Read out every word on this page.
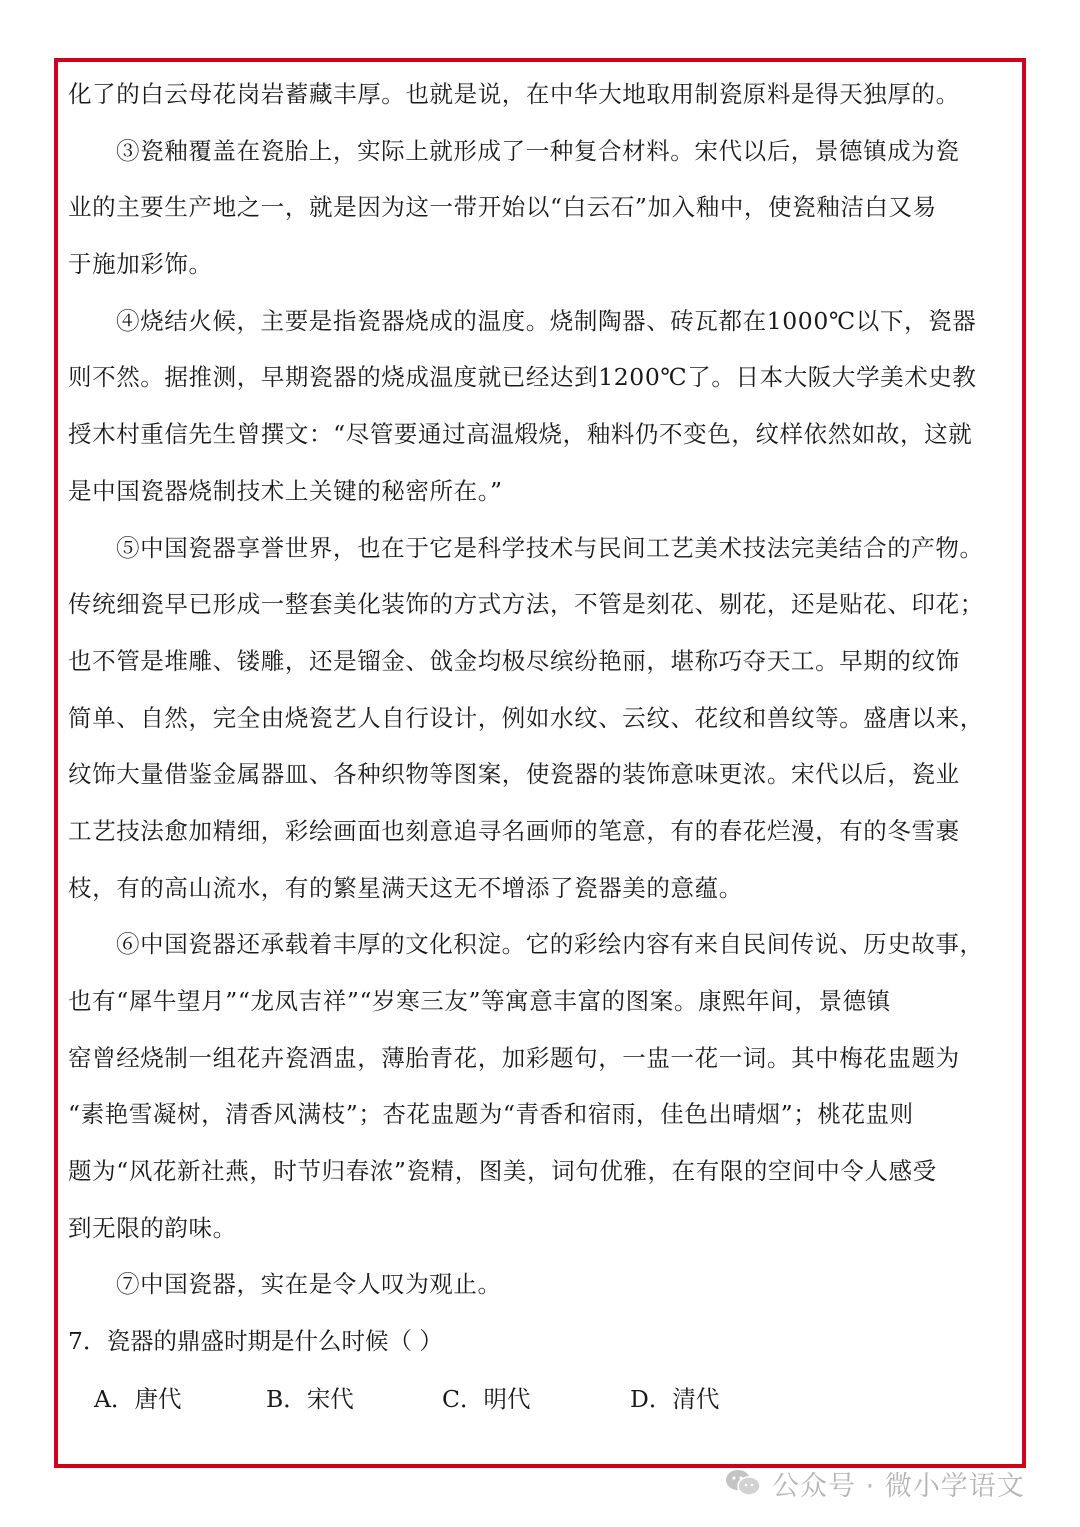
化了的白云母花岗岩蓄藏丰厚。也就是说，在中华大地取用制瓷原料是得天独厚的。
③瓷釉覆盖在瓷胎上，实际上就形成了一种复合材料。宋代以后，景德镇成为瓷
业的主要生产地之一，就是因为这一带开始以“白云石”加入釉中，使瓷釉洁白又易
于施加彩饰。
④烧结火候，主要是指瓷器烧成的温度。烧制陶器、砖瓦都在1000℃以下，瓷器
则不然。据推测，早期瓷器的烧成温度就已经达到1200℃了。日本大阪大学美术史教
授木村重信先生曾撰文：“尽管要通过高温煅烧，釉料仍不变色，纹样依然如故，这就
是中国瓷器烧制技术上关键的秘密所在。”
⑤中国瓷器享誉世界，也在于它是科学技术与民间工艺美术技法完美结合的产物。
传统细瓷早已形成一整套美化装饰的方式方法，不管是刻花、剔花，还是贴花、印花；
也不管是堆雕、镂雕，还是镏金、戗金均极尽缤纷艳丽，堪称巧夺天工。早期的纹饰
简单、自然，完全由烧瓷艺人自行设计，例如水纹、云纹、花纹和兽纹等。盛唐以来，
纹饰大量借鉴金属器皿、各种织物等图案，使瓷器的装饰意味更浓。宋代以后，瓷业
工艺技法愈加精细，彩绘画面也刻意追寻名画师的笔意，有的春花烂漫，有的冬雪裹
枝，有的高山流水，有的繁星满天这无不增添了瓷器美的意蕴。
⑥中国瓷器还承载着丰厚的文化积淀。它的彩绘内容有来自民间传说、历史故事，
也有“犀牛望月”“龙凤吉祥”“岁寒三友”等寓意丰富的图案。康熙年间，景德镇
窑曾经烧制一组花卉瓷酒盅，薄胎青花，加彩题句，一盅一花一词。其中梅花盅题为
“素艳雪凝树，清香风满枝”；杏花盅题为“青香和宿雨，佳色出晴烟”；桃花盅则
题为“风花新社燕，时节归春浓”瓷精，图美，词句优雅，在有限的空间中令人感受
到无限的韵味。
⑦中国瓷器，实在是令人叹为观止。
7．瓷器的鼎盛时期是什么时候（ ）
A．唐代	B．宋代	C．明代	D．清代
公众号 · 微小学语文
